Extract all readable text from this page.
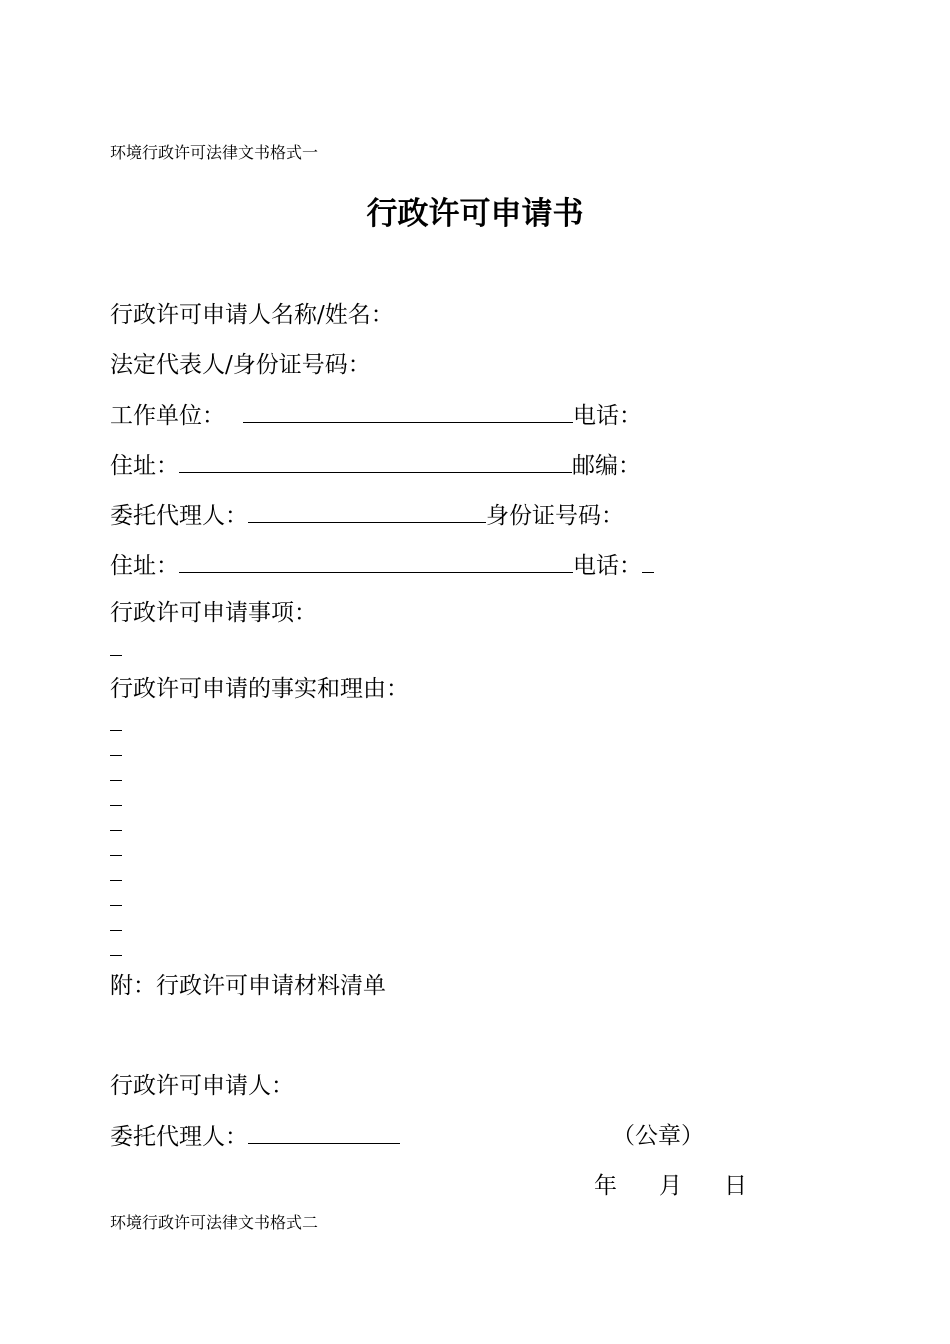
环境行政许可法律文书格式一
行政许可申请书
行政许可申请人名称/姓名：
法定代表人/身份证号码：
工作单位：	电话：
住址：	邮编：
委托代理人：	身份证号码：
住址：	电话：
行政许可申请事项：
行政许可申请的事实和理由：
附：行政许可申请材料清单
行政许可申请人：
委托代理人：	（公章）
年 月 日
环境行政许可法律文书格式二
